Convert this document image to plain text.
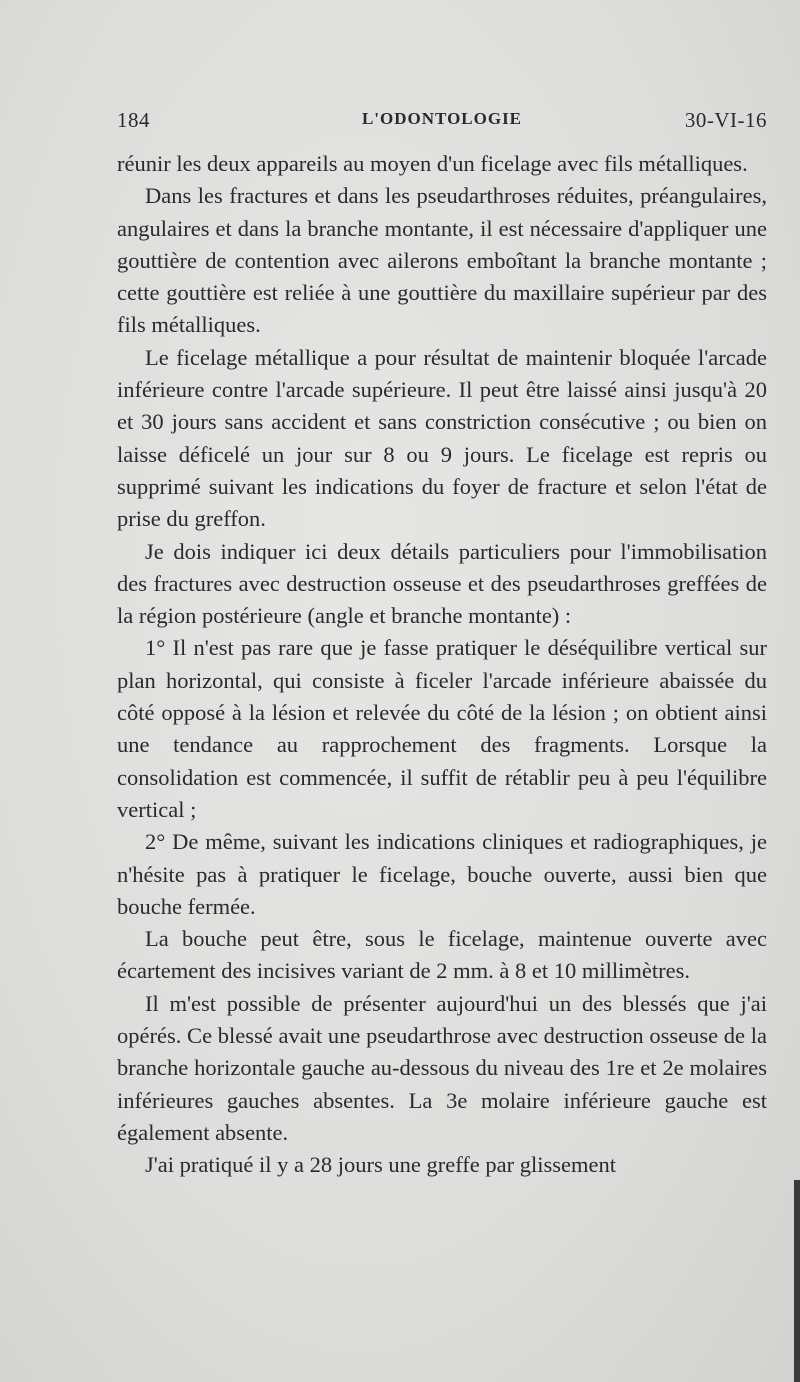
184	L'ODONTOLOGIE	30-VI-16

réunir les deux appareils au moyen d'un ficelage avec fils métalliques.

Dans les fractures et dans les pseudarthroses réduites, préangulaires, angulaires et dans la branche montante, il est nécessaire d'appliquer une gouttière de contention avec ailerons emboîtant la branche montante ; cette gouttière est reliée à une gouttière du maxillaire supérieur par des fils métalliques.

Le ficelage métallique a pour résultat de maintenir bloquée l'arcade inférieure contre l'arcade supérieure. Il peut être laissé ainsi jusqu'à 20 et 30 jours sans accident et sans constriction consécutive ; ou bien on laisse déficelé un jour sur 8 ou 9 jours. Le ficelage est repris ou supprimé suivant les indications du foyer de fracture et selon l'état de prise du greffon.

Je dois indiquer ici deux détails particuliers pour l'immobilisation des fractures avec destruction osseuse et des pseudarthroses greffées de la région postérieure (angle et branche montante) :

1° Il n'est pas rare que je fasse pratiquer le déséquilibre vertical sur plan horizontal, qui consiste à ficeler l'arcade inférieure abaissée du côté opposé à la lésion et relevée du côté de la lésion ; on obtient ainsi une tendance au rapprochement des fragments. Lorsque la consolidation est commencée, il suffit de rétablir peu à peu l'équilibre vertical ;

2° De même, suivant les indications cliniques et radiographiques, je n'hésite pas à pratiquer le ficelage, bouche ouverte, aussi bien que bouche fermée.

La bouche peut être, sous le ficelage, maintenue ouverte avec écartement des incisives variant de 2 mm. à 8 et 10 millimètres.

Il m'est possible de présenter aujourd'hui un des blessés que j'ai opérés. Ce blessé avait une pseudarthrose avec destruction osseuse de la branche horizontale gauche au-dessous du niveau des 1re et 2e molaires inférieures gauches absentes. La 3e molaire inférieure gauche est également absente.

J'ai pratiqué il y a 28 jours une greffe par glissement
